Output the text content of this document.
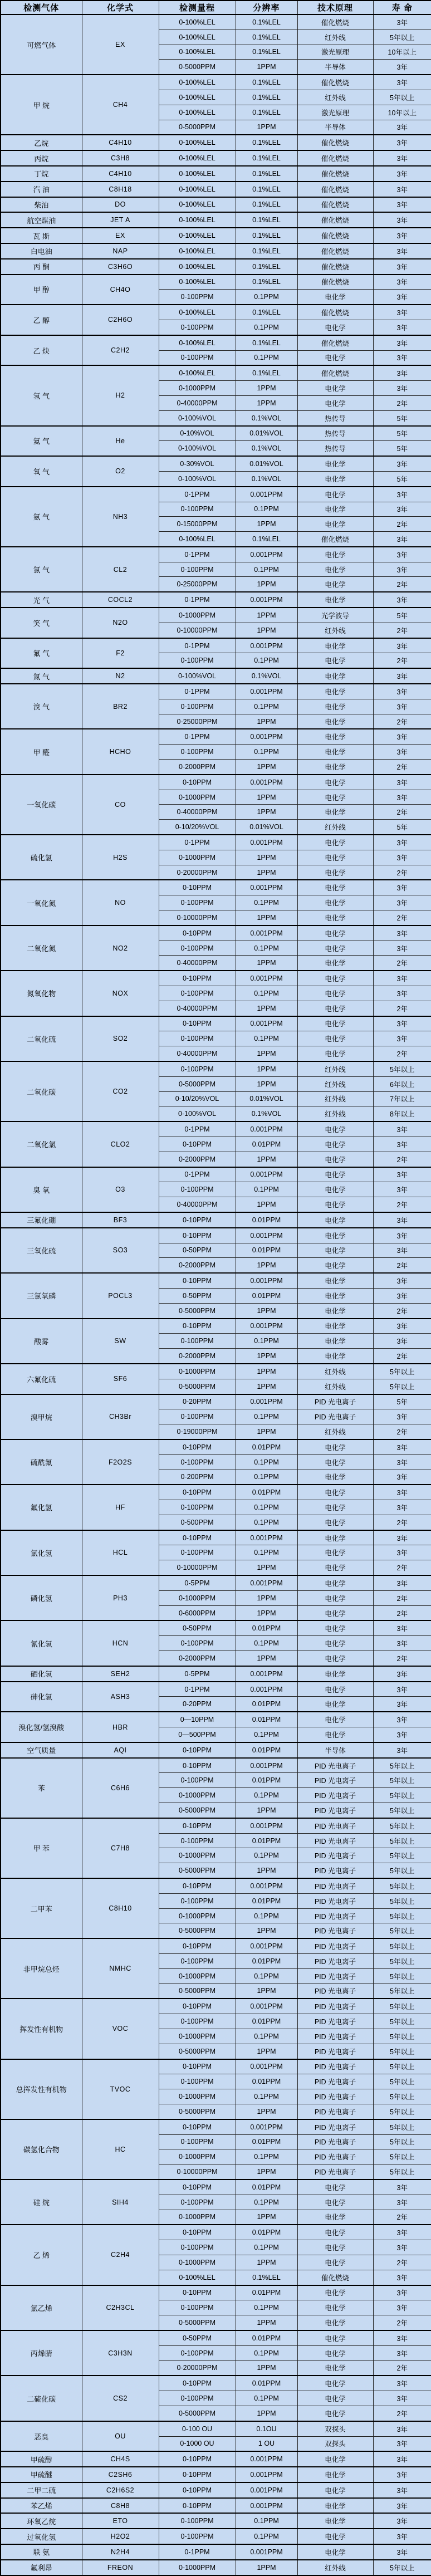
检测气体	化学式	检测量程	分辨率	技术原理	寿 命
可燃气体	EX	0-100%LEL	0.1%LEL	催化燃烧	3年
		0-100%LEL	0.1%LEL	红外线	5年以上
		0-100%LEL	0.1%LEL	激光原理	10年以上
		0-5000PPM	1PPM	半导体	3年
甲 烷	CH4	0-100%LEL	0.1%LEL	催化燃烧	3年
		0-100%LEL	0.1%LEL	红外线	5年以上
		0-100%LEL	0.1%LEL	激光原理	10年以上
		0-5000PPM	1PPM	半导体	3年
乙烷	C4H10	0-100%LEL	0.1%LEL	催化燃烧	3年
丙烷	C3H8	0-100%LEL	0.1%LEL	催化燃烧	3年
丁烷	C4H10	0-100%LEL	0.1%LEL	催化燃烧	3年
汽 油	C8H18	0-100%LEL	0.1%LEL	催化燃烧	3年
柴油	DO	0-100%LEL	0.1%LEL	催化燃烧	3年
航空煤油	JET A	0-100%LEL	0.1%LEL	催化燃烧	3年
瓦 斯	EX	0-100%LEL	0.1%LEL	催化燃烧	3年
白电油	NAP	0-100%LEL	0.1%LEL	催化燃烧	3年
丙 酮	C3H6O	0-100%LEL	0.1%LEL	催化燃烧	3年
甲 醇	CH4O	0-100%LEL	0.1%LEL	催化燃烧	3年
		0-100PPM	0.1PPM	电化学	3年
乙 醇	C2H6O	0-100%LEL	0.1%LEL	催化燃烧	3年
		0-100PPM	0.1PPM	电化学	3年
乙 炔	C2H2	0-100%LEL	0.1%LEL	催化燃烧	3年
		0-100PPM	0.1PPM	电化学	3年
氢 气	H2	0-100%LEL	0.1%LEL	催化燃烧	3年
		0-1000PPM	1PPM	电化学	3年
		0-40000PPM	1PPM	电化学	2年
		0-100%VOL	0.1%VOL	热传导	5年
氦 气	He	0-10%VOL	0.01%VOL	热传导	5年
		0-100%VOL	0.1%VOL	热传导	5年
氧 气	O2	0-30%VOL	0.01%VOL	电化学	3年
		0-100%VOL	0.1%VOL	电化学	5年
氨 气	NH3	0-1PPM	0.001PPM	电化学	3年
		0-100PPM	0.1PPM	电化学	3年
		0-15000PPM	1PPM	电化学	2年
		0-100%LEL	0.1%LEL	催化燃烧	3年
氯 气	CL2	0-1PPM	0.001PPM	电化学	3年
		0-100PPM	0.1PPM	电化学	3年
		0-25000PPM	1PPM	电化学	2年
光 气	COCL2	0-1PPM	0.001PPM	电化学	3年
笑 气	N2O	0-1000PPM	1PPM	光学波导	5年
		0-10000PPM	1PPM	红外线	2年
氟 气	F2	0-1PPM	0.001PPM	电化学	3年
		0-100PPM	0.1PPM	电化学	2年
氮 气	N2	0-100%VOL	0.1%VOL	电化学	3年
溴 气	BR2	0-1PPM	0.001PPM	电化学	3年
		0-100PPM	0.1PPM	电化学	3年
		0-25000PPM	1PPM	电化学	2年
甲 醛	HCHO	0-1PPM	0.001PPM	电化学	3年
		0-100PPM	0.1PPM	电化学	3年
		0-2000PPM	1PPM	电化学	2年
一氧化碳	CO	0-10PPM	0.001PPM	电化学	3年
		0-1000PPM	1PPM	电化学	3年
		0-40000PPM	1PPM	电化学	2年
		0-10/20%VOL	0.01%VOL	红外线	5年
硫化氢	H2S	0-1PPM	0.001PPM	电化学	3年
		0-1000PPM	1PPM	电化学	3年
		0-20000PPM	1PPM	电化学	2年
一氧化氮	NO	0-10PPM	0.001PPM	电化学	3年
		0-100PPM	0.1PPM	电化学	3年
		0-10000PPM	1PPM	电化学	2年
二氧化氮	NO2	0-10PPM	0.001PPM	电化学	3年
		0-100PPM	0.1PPM	电化学	3年
		0-40000PPM	1PPM	电化学	2年
氮氧化物	NOX	0-10PPM	0.001PPM	电化学	3年
		0-100PPM	0.1PPM	电化学	3年
		0-40000PPM	1PPM	电化学	2年
二氧化硫	SO2	0-10PPM	0.001PPM	电化学	3年
		0-100PPM	0.1PPM	电化学	3年
		0-40000PPM	1PPM	电化学	2年
二氧化碳	CO2	0-100PPM	1PPM	红外线	5年以上
		0-5000PPM	1PPM	红外线	6年以上
		0-10/20%VOL	0.01%VOL	红外线	7年以上
		0-100%VOL	0.1%VOL	红外线	8年以上
二氧化氯	CLO2	0-1PPM	0.001PPM	电化学	3年
		0-10PPM	0.01PPM	电化学	3年
		0-2000PPM	1PPM	电化学	2年
臭 氧	O3	0-1PPM	0.001PPM	电化学	3年
		0-100PPM	0.1PPM	电化学	3年
		0-40000PPM	1PPM	电化学	2年
三氟化硼	BF3	0-10PPM	0.01PPM	电化学	3年
三氧化硫	SO3	0-10PPM	0.001PPM	电化学	3年
		0-50PPM	0.01PPM	电化学	3年
		0-2000PPM	1PPM	电化学	2年
三氯氧磷	POCL3	0-10PPM	0.001PPM	电化学	3年
		0-50PPM	0.01PPM	电化学	3年
		0-5000PPM	1PPM	电化学	2年
酸雾	SW	0-10PPM	0.001PPM	电化学	3年
		0-100PPM	0.1PPM	电化学	3年
		0-2000PPM	1PPM	电化学	2年
六氟化硫	SF6	0-1000PPM	1PPM	红外线	5年以上
		0-5000PPM	1PPM	红外线	5年以上
溴甲烷	CH3Br	0-20PPM	0.001PPM	PID 光电离子	5年
		0-100PPM	0.1PPM	PID 光电离子	3年
		0-19000PPM	1PPM	红外线	2年
硫酰氟	F2O2S	0-10PPM	0.01PPM	电化学	3年
		0-100PPM	0.1PPM	电化学	3年
		0-200PPM	0.1PPM	电化学	3年
氟化氢	HF	0-10PPM	0.01PPM	电化学	3年
		0-100PPM	0.1PPM	电化学	3年
		0-500PPM	0.1PPM	电化学	2年
氯化氢	HCL	0-10PPM	0.001PPM	电化学	3年
		0-100PPM	0.1PPM	电化学	3年
		0-10000PPM	1PPM	电化学	2年
磷化氢	PH3	0-5PPM	0.001PPM	电化学	3年
		0-1000PPM	1PPM	电化学	2年
		0-6000PPM	1PPM	电化学	2年
氰化氢	HCN	0-50PPM	0.01PPM	电化学	3年
		0-100PPM	0.1PPM	电化学	3年
		0-2000PPM	1PPM	电化学	2年
硒化氢	SEH2	0-5PPM	0.001PPM	电化学	3年
砷化氢	ASH3	0-1PPM	0.001PPM	电化学	3年
		0-20PPM	0.01PPM	电化学	3年
溴化氢/氢溴酸	HBR	0—10PPM	0.01PPM	电化学	3年
		0—500PPM	0.1PPM	电化学	3年
空气质量	AQI	0-10PPM	0.01PPM	半导体	3年
苯	C6H6	0-10PPM	0.001PPM	PID 光电离子	5年以上
		0-100PPM	0.01PPM	PID 光电离子	5年以上
		0-1000PPM	0.1PPM	PID 光电离子	5年以上
		0-5000PPM	1PPM	PID 光电离子	5年以上
甲 苯	C7H8	0-10PPM	0.001PPM	PID 光电离子	5年以上
		0-100PPM	0.01PPM	PID 光电离子	5年以上
		0-1000PPM	0.1PPM	PID 光电离子	5年以上
		0-5000PPM	1PPM	PID 光电离子	5年以上
二甲苯	C8H10	0-10PPM	0.001PPM	PID 光电离子	5年以上
		0-100PPM	0.01PPM	PID 光电离子	5年以上
		0-1000PPM	0.1PPM	PID 光电离子	5年以上
		0-5000PPM	1PPM	PID 光电离子	5年以上
非甲烷总烃	NMHC	0-10PPM	0.001PPM	PID 光电离子	5年以上
		0-100PPM	0.01PPM	PID 光电离子	5年以上
		0-1000PPM	0.1PPM	PID 光电离子	5年以上
		0-5000PPM	1PPM	PID 光电离子	5年以上
挥发性有机物	VOC	0-10PPM	0.001PPM	PID 光电离子	5年以上
		0-100PPM	0.01PPM	PID 光电离子	5年以上
		0-1000PPM	0.1PPM	PID 光电离子	5年以上
		0-5000PPM	1PPM	PID 光电离子	5年以上
总挥发性有机物	TVOC	0-10PPM	0.001PPM	PID 光电离子	5年以上
		0-100PPM	0.01PPM	PID 光电离子	5年以上
		0-1000PPM	0.1PPM	PID 光电离子	5年以上
		0-5000PPM	1PPM	PID 光电离子	5年以上
碳氢化合物	HC	0-10PPM	0.001PPM	PID 光电离子	5年以上
		0-100PPM	0.01PPM	PID 光电离子	5年以上
		0-1000PPM	0.1PPM	PID 光电离子	5年以上
		0-10000PPM	1PPM	PID 光电离子	5年以上
硅 烷	SIH4	0-10PPM	0.01PPM	电化学	3年
		0-100PPM	0.1PPM	电化学	3年
		0-1000PPM	1PPM	电化学	2年
乙 烯	C2H4	0-10PPM	0.01PPM	电化学	3年
		0-100PPM	0.1PPM	电化学	3年
		0-1000PPM	1PPM	电化学	2年
		0-100%LEL	0.1%LEL	催化燃烧	3年
氯乙烯	C2H3CL	0-10PPM	0.01PPM	电化学	3年
		0-100PPM	0.1PPM	电化学	3年
		0-5000PPM	1PPM	电化学	2年
丙烯腈	C3H3N	0-50PPM	0.01PPM	电化学	3年
		0-100PPM	0.1PPM	电化学	3年
		0-20000PPM	1PPM	电化学	2年
二硫化碳	CS2	0-10PPM	0.01PPM	电化学	3年
		0-100PPM	0.1PPM	电化学	3年
		0-5000PPM	1PPM	电化学	2年
恶臭	OU	0-100 OU	0.1OU	双探头	3年
		0-1000 OU	1 OU	双探头	3年
甲硫醇	CH4S	0-10PPM	0.001PPM	电化学	3年
甲硫醚	C2SH6	0-10PPM	0.001PPM	电化学	3年
二甲二硫	C2H6S2	0-10PPM	0.001PPM	电化学	3年
苯乙烯	C8H8	0-10PPM	0.001PPM	电化学	3年
环氧乙烷	ETO	0-100PPM	0.1PPM	电化学	3年
过氧化氢	H2O2	0-100PPM	0.1PPM	电化学	3年
联 氨	N2H4	0-1PPM	0.001PPM	电化学	3年
氟利昂	FREON	0-1000PPM	1PPM	红外线	5年以上
